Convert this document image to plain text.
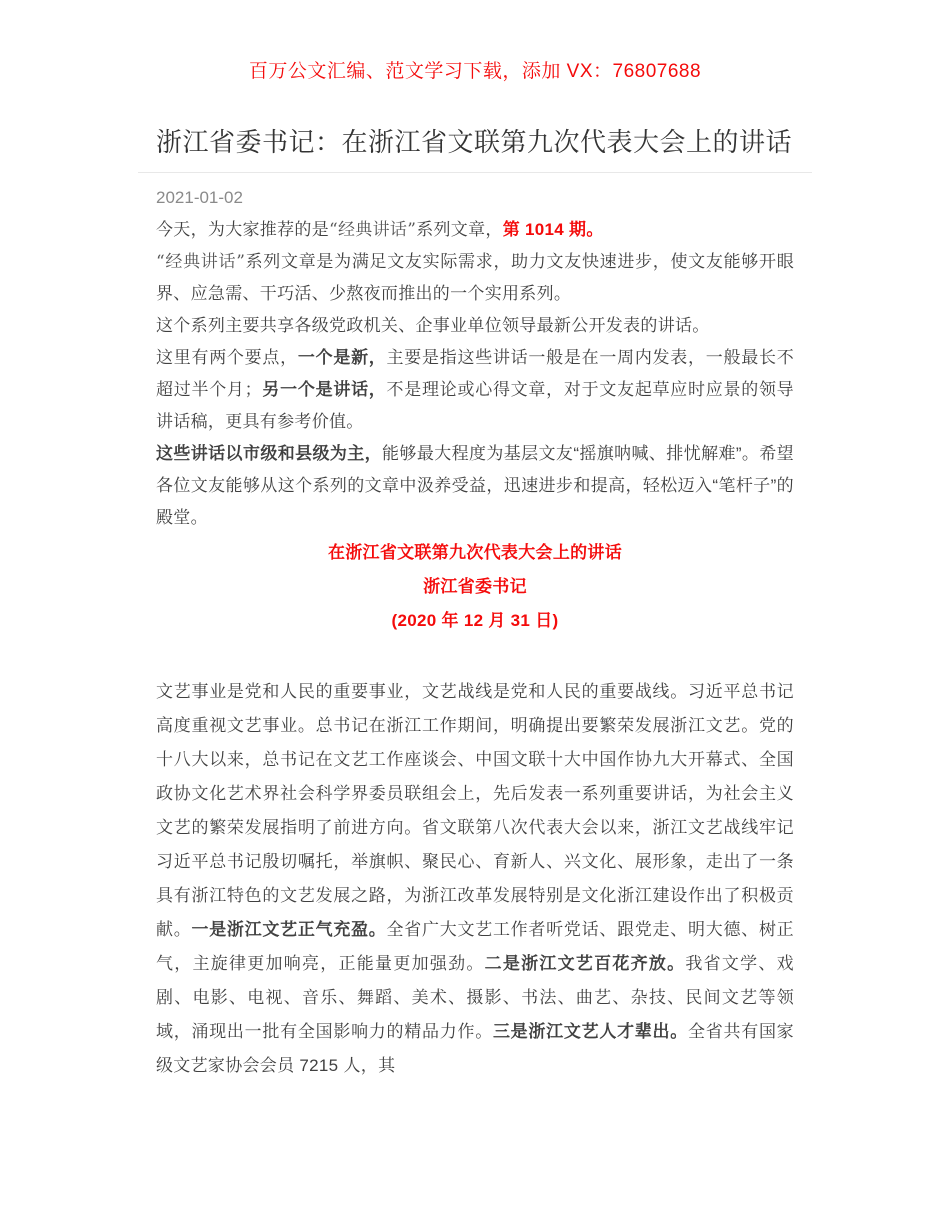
百万公文汇编、范文学习下载，添加 VX：76807688
浙江省委书记：在浙江省文联第九次代表大会上的讲话
2021-01-02

今天，为大家推荐的是“经典讲话”系列文章，第 1014 期。

“经典讲话”系列文章是为满足文友实际需求，助力文友快速进步，使文友能够开眼界、应急需、干巧活、少熬夜而推出的一个实用系列。

这个系列主要共享各级党政机关、企事业单位领导最新公开发表的讲话。

这里有两个要点，一个是新，主要是指这些讲话一般是在一周内发表，一般最长不超过半个月；另一个是讲话，不是理论或心得文章，对于文友起草应时应景的领导讲话稿，更具有参考价值。

这些讲话以市级和县级为主，能够最大程度为基层文友“摇旗呐喊、排忧解难”。希望各位文友能够从这个系列的文章中汲养受益，迅速进步和提高，轻松迈入“笔杆子”的殿堂。

在浙江省文联第九次代表大会上的讲话

浙江省委书记

(2020 年 12 月 31 日)

文艺事业是党和人民的重要事业，文艺战线是党和人民的重要战线。习近平总书记高度重视文艺事业。总书记在浙江工作期间，明确提出要繁荣发展浙江文艺。党的十八大以来，总书记在文艺工作座谈会、中国文联十大中国作协九大开幕式、全国政协文化艺术界社会科学界委员联组会上，先后发表一系列重要讲话，为社会主义文艺的繁荣发展指明了前进方向。省文联第八次代表大会以来，浙江文艺战线牢记习近平总书记殷切嘱托，举旗帜、聚民心、育新人、兴文化、展形象，走出了一条具有浙江特色的文艺发展之路，为浙江改革发展特别是文化浙江建设作出了积极贡献。一是浙江文艺正气充盈。全省广大文艺工作者听党话、跟党走、明大德、树正气，主旋律更加响亮，正能量更加强劲。二是浙江文艺百花齐放。我省文学、戏剧、电影、电视、音乐、舞蹈、美术、摄影、书法、曲艺、杂技、民间文艺等领域，涌现出一批有全国影响力的精品力作。三是浙江文艺人才辈出。全省共有国家级文艺家协会会员 7215 人，其
